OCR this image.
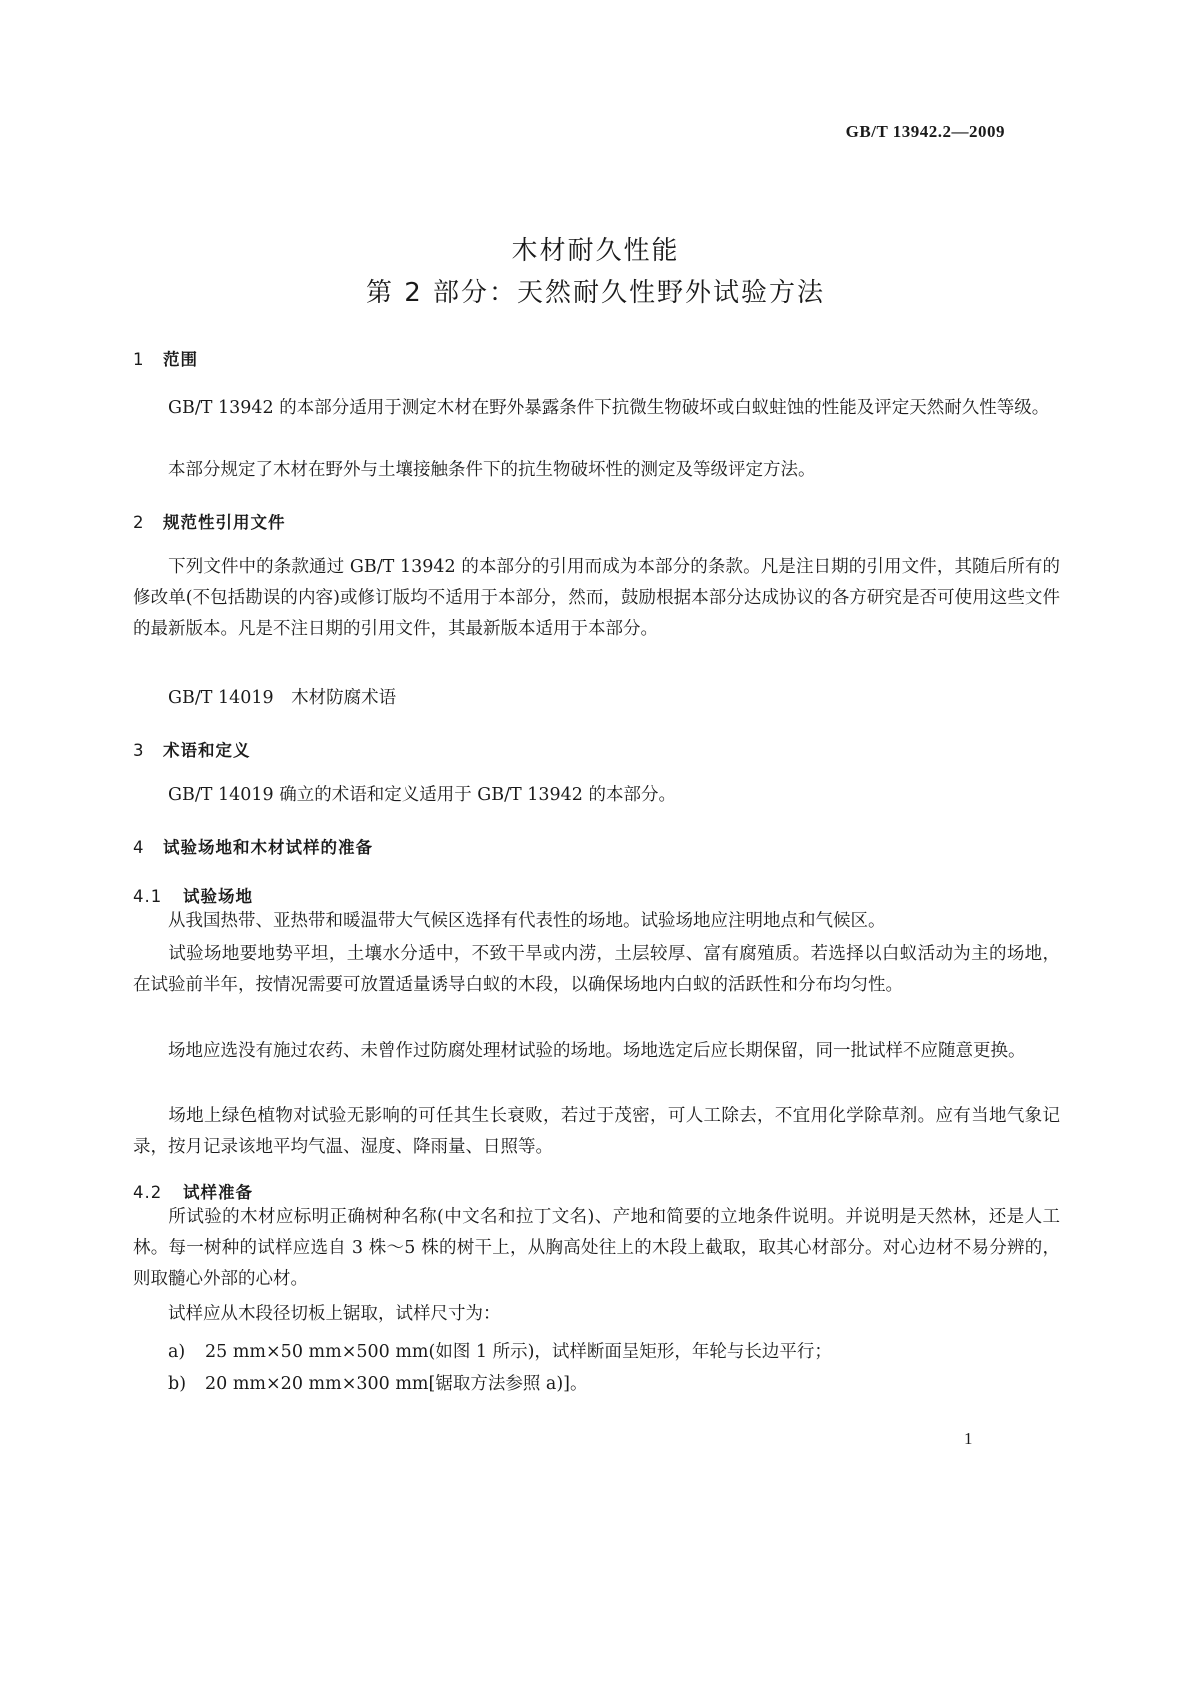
GB/T 13942.2—2009

木材耐久性能
第 2 部分：天然耐久性野外试验方法
1 范围

GB/T 13942 的本部分适用于测定木材在野外暴露条件下抗微生物破坏或白蚁蛀蚀的性能及评定天然耐久性等级。

本部分规定了木材在野外与土壤接触条件下的抗生物破坏性的测定及等级评定方法。

2 规范性引用文件

下列文件中的条款通过 GB/T 13942 的本部分的引用而成为本部分的条款。凡是注日期的引用文件，其随后所有的修改单(不包括勘误的内容)或修订版均不适用于本部分，然而，鼓励根据本部分达成协议的各方研究是否可使用这些文件的最新版本。凡是不注日期的引用文件，其最新版本适用于本部分。

GB/T 14019　木材防腐术语

3 术语和定义

GB/T 14019 确立的术语和定义适用于 GB/T 13942 的本部分。

4 试验场地和木材试样的准备
4.1 试验场地

从我国热带、亚热带和暖温带大气候区选择有代表性的场地。试验场地应注明地点和气候区。

试验场地要地势平坦，土壤水分适中，不致干旱或内涝，土层较厚、富有腐殖质。若选择以白蚁活动为主的场地，在试验前半年，按情况需要可放置适量诱导白蚁的木段，以确保场地内白蚁的活跃性和分布均匀性。

场地应选没有施过农药、未曾作过防腐处理材试验的场地。场地选定后应长期保留，同一批试样不应随意更换。

场地上绿色植物对试验无影响的可任其生长衰败，若过于茂密，可人工除去，不宜用化学除草剂。应有当地气象记录，按月记录该地平均气温、湿度、降雨量、日照等。

4.2 试样准备

所试验的木材应标明正确树种名称(中文名和拉丁文名)、产地和简要的立地条件说明。并说明是天然林，还是人工林。每一树种的试样应选自 3 株～5 株的树干上，从胸高处往上的木段上截取，取其心材部分。对心边材不易分辨的，则取髓心外部的心材。

试样应从木段径切板上锯取，试样尺寸为：

a) 25 mm×50 mm×500 mm(如图 1 所示)，试样断面呈矩形，年轮与长边平行；

b) 20 mm×20 mm×300 mm[锯取方法参照 a)]。

1
